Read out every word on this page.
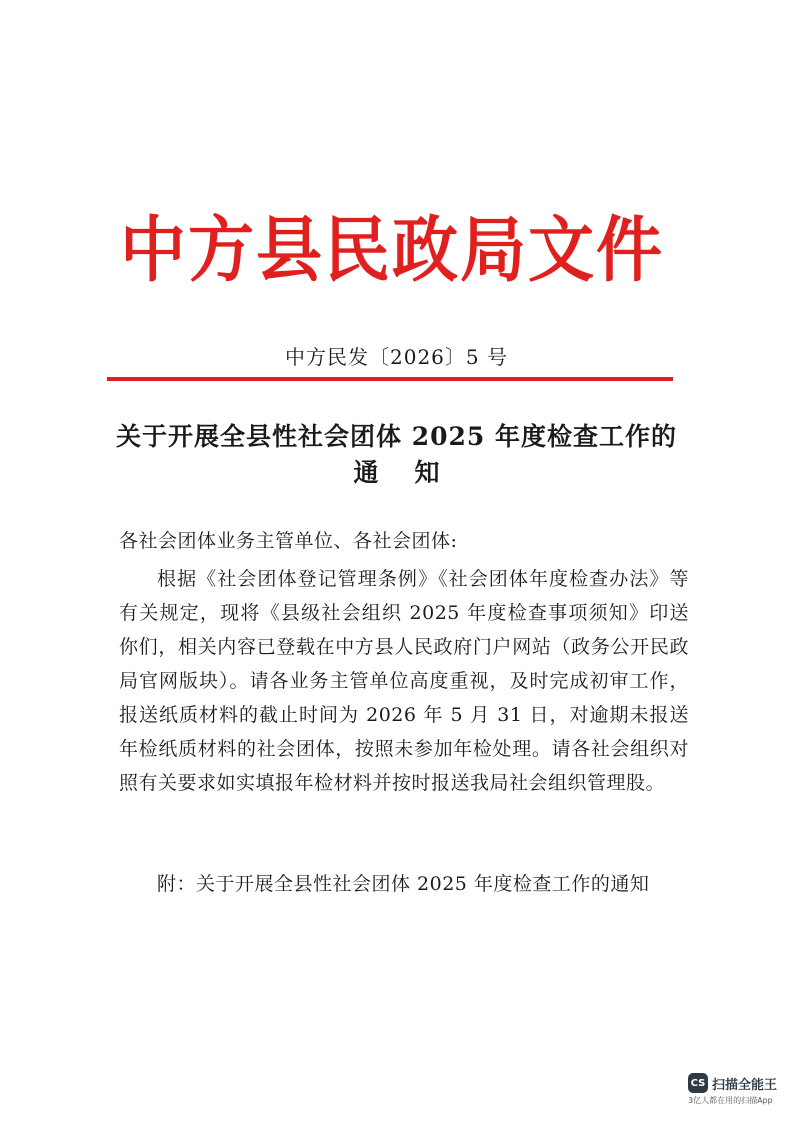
中方县民政局文件
中方民发〔2026〕5 号
关于开展全县性社会团体 2025 年度检查工作的
通知
各社会团体业务主管单位、各社会团体:
根据《社会团体登记管理条例》《社会团体年度检查办法》等有关规定，现将《县级社会组织 2025 年度检查事项须知》印送你们，相关内容已登载在中方县人民政府门户网站（政务公开民政局官网版块）。请各业务主管单位高度重视，及时完成初审工作，报送纸质材料的截止时间为 2026 年 5 月 31 日，对逾期未报送年检纸质材料的社会团体，按照未参加年检处理。请各社会组织对照有关要求如实填报年检材料并按时报送我局社会组织管理股。
附：关于开展全县性社会团体 2025 年度检查工作的通知
CS 扫描全能王
3亿人都在用的扫描App
